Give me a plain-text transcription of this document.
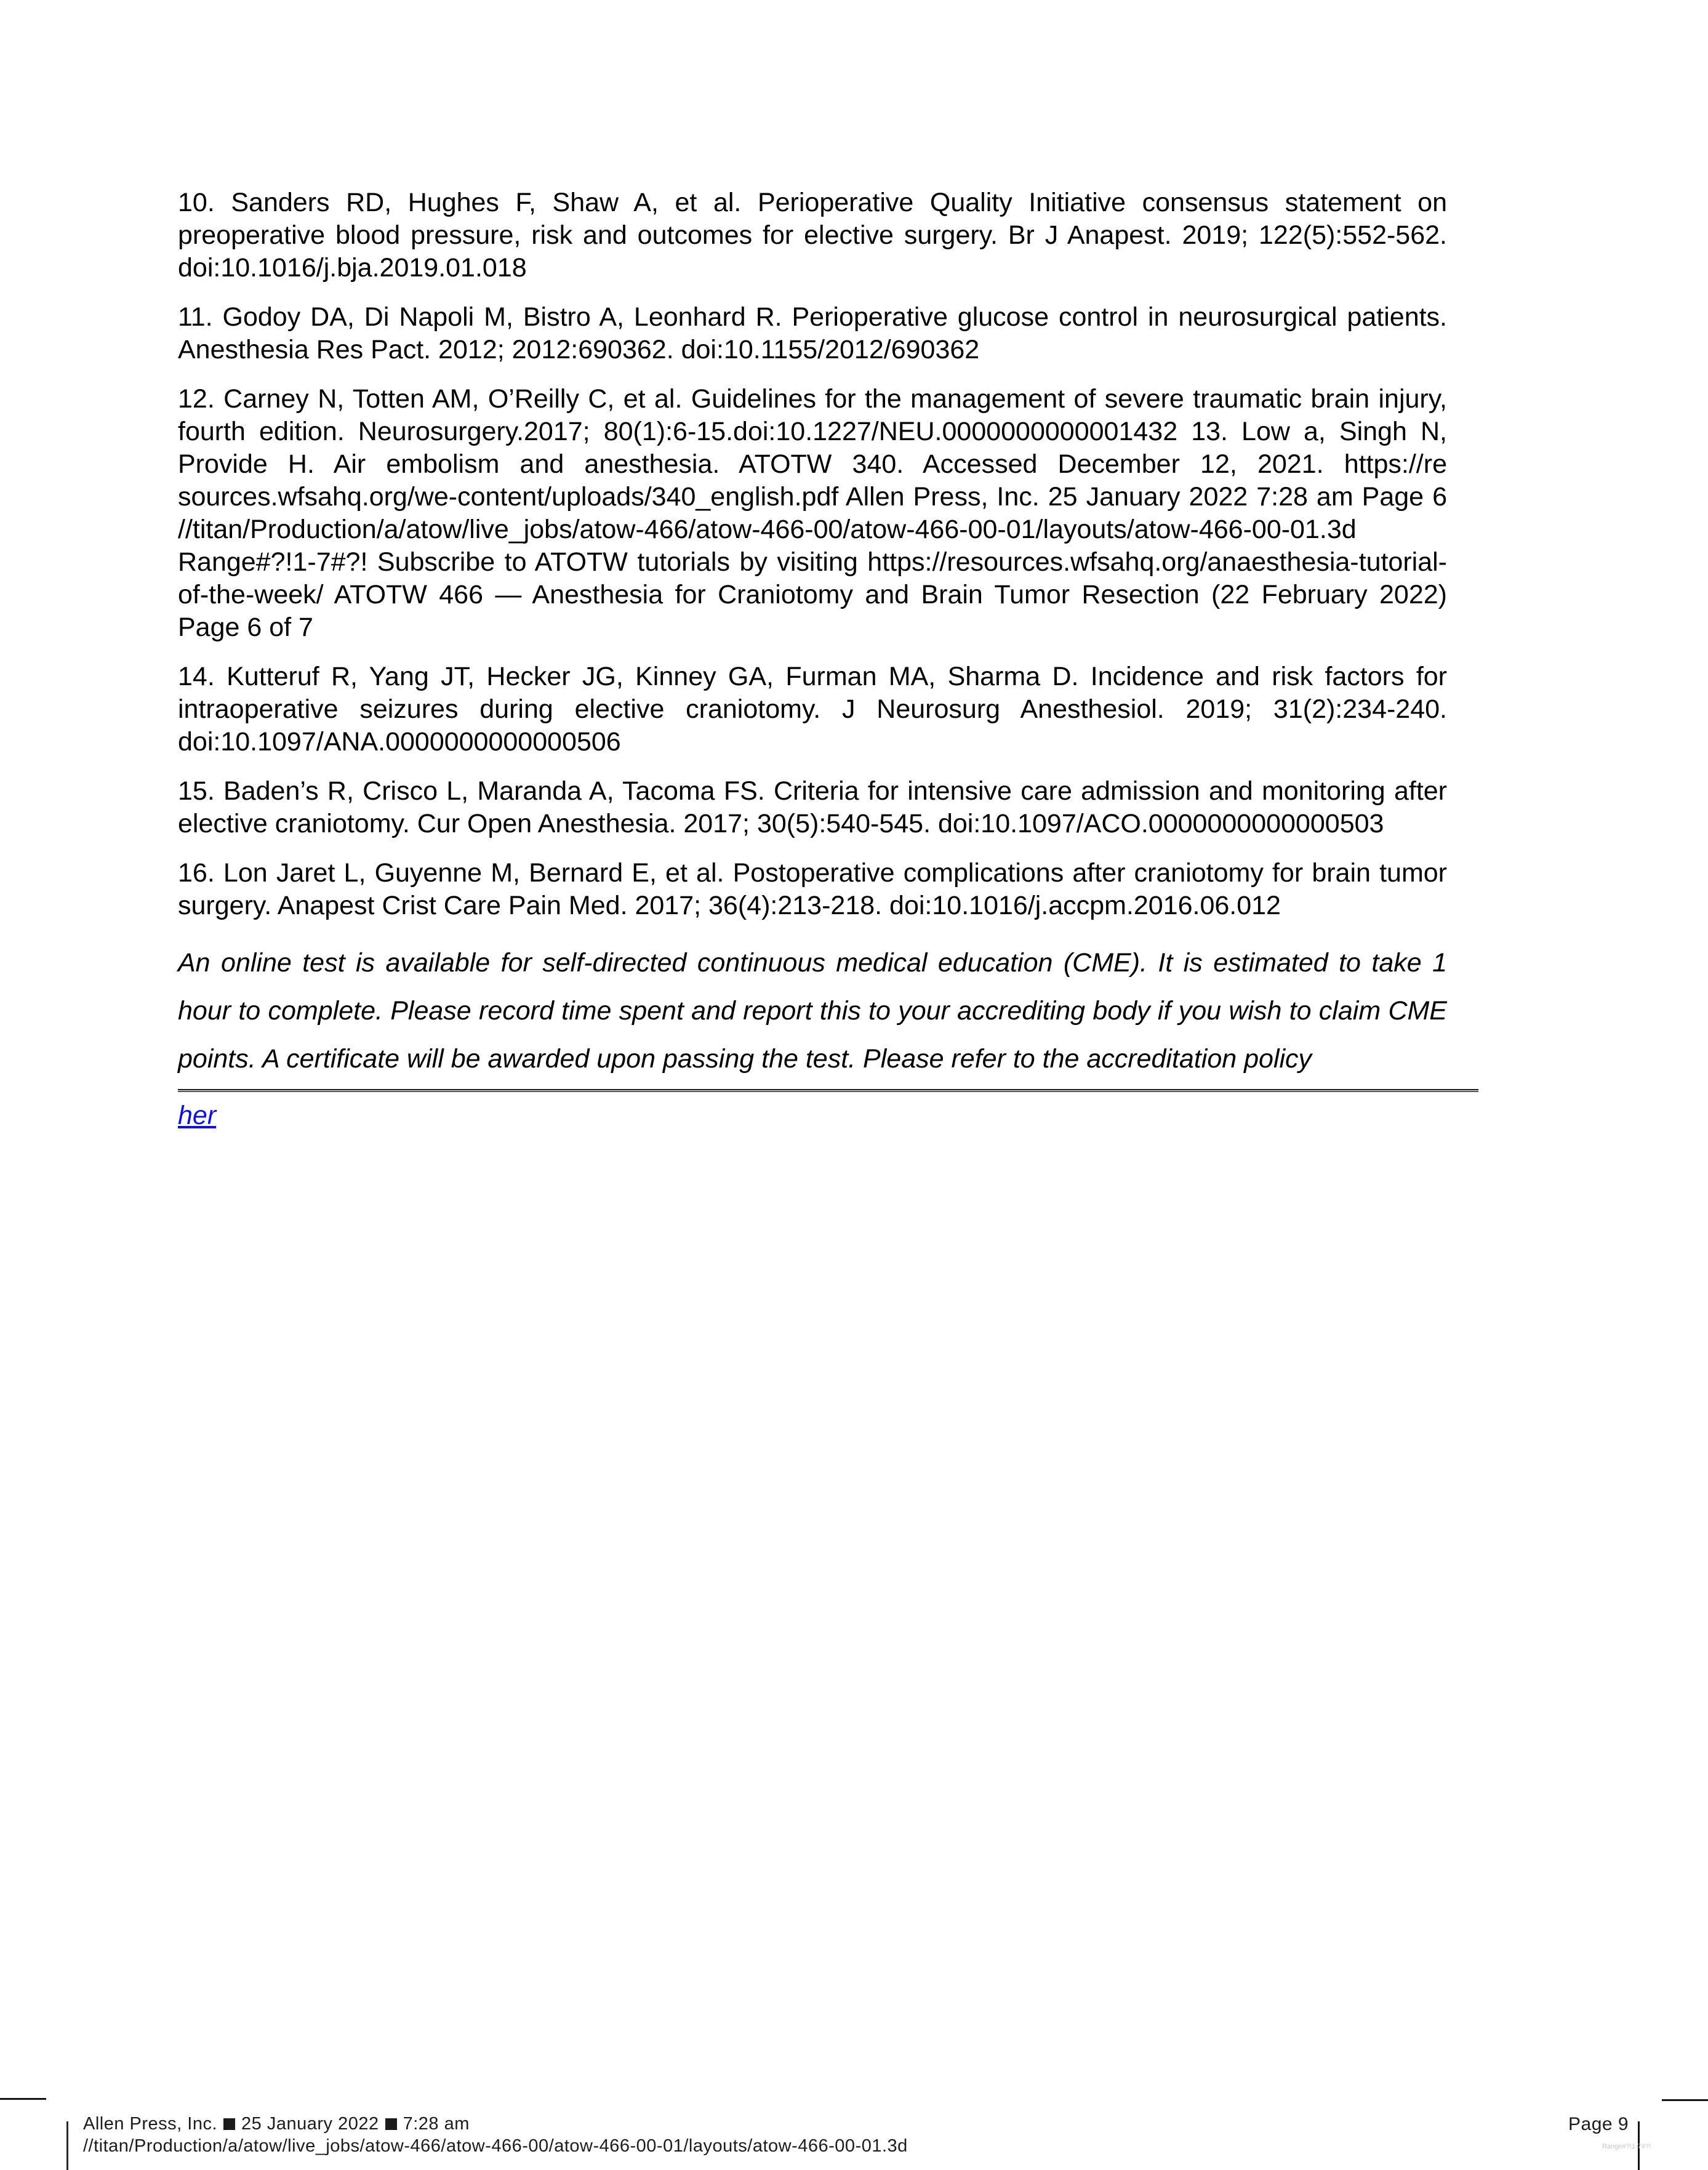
10. Sanders RD, Hughes F, Shaw A, et al. Perioperative Quality Initiative consensus statement on preoperative blood pressure, risk and outcomes for elective surgery. Br J Anapest. 2019; 122(5):552-562. doi:10.1016/j.bja.2019.01.018

11. Godoy DA, Di Napoli M, Bistro A, Leonhard R. Perioperative glucose control in neurosurgical patients. Anesthesia Res Pact. 2012; 2012:690362. doi:10.1155/2012/690362

12. Carney N, Totten AM, O’Reilly C, et al. Guidelines for the management of severe traumatic brain injury, fourth edition. Neurosurgery.2017; 80(1):6-15.doi:10.1227/NEU.0000000000001432 13. Low a, Singh N, Provide H. Air embolism and anesthesia. ATOTW 340. Accessed December 12, 2021. https://re sources.wfsahq.org/we-content/uploads/340_english.pdf Allen Press, Inc. 25 January 2022 7:28 am Page 6 //titan/Production/a/atow/live_jobs/atow-466/atow-466-00/atow-466-00-01/layouts/atow-466-00-01.3d Range#?!1-7#?! Subscribe to ATOTW tutorials by visiting https://resources.wfsahq.org/anaesthesia-tutorial-of-the-week/ ATOTW 466 — Anesthesia for Craniotomy and Brain Tumor Resection (22 February 2022) Page 6 of 7

14. Kutteruf R, Yang JT, Hecker JG, Kinney GA, Furman MA, Sharma D. Incidence and risk factors for intraoperative seizures during elective craniotomy. J Neurosurg Anesthesiol. 2019; 31(2):234-240. doi:10.1097/ANA.0000000000000506

15. Baden’s R, Crisco L, Maranda A, Tacoma FS. Criteria for intensive care admission and monitoring after elective craniotomy. Cur Open Anesthesia. 2017; 30(5):540-545. doi:10.1097/ACO.0000000000000503

16. Lon Jaret L, Guyenne M, Bernard E, et al. Postoperative complications after craniotomy for brain tumor surgery. Anapest Crist Care Pain Med. 2017; 36(4):213-218. doi:10.1016/j.accpm.2016.06.012

An online test is available for self-directed continuous medical education (CME). It is estimated to take 1 hour to complete. Please record time spent and report this to your accrediting body if you wish to claim CME points. A certificate will be awarded upon passing the test. Please refer to the accreditation policy

her
Allen Press, Inc. 25 January 2022 7:28 am
//titan/Production/a/atow/live_jobs/atow-466/atow-466-00/atow-466-00-01/layouts/atow-466-00-01.3d
Page 9
Range#?!1-7#?!
